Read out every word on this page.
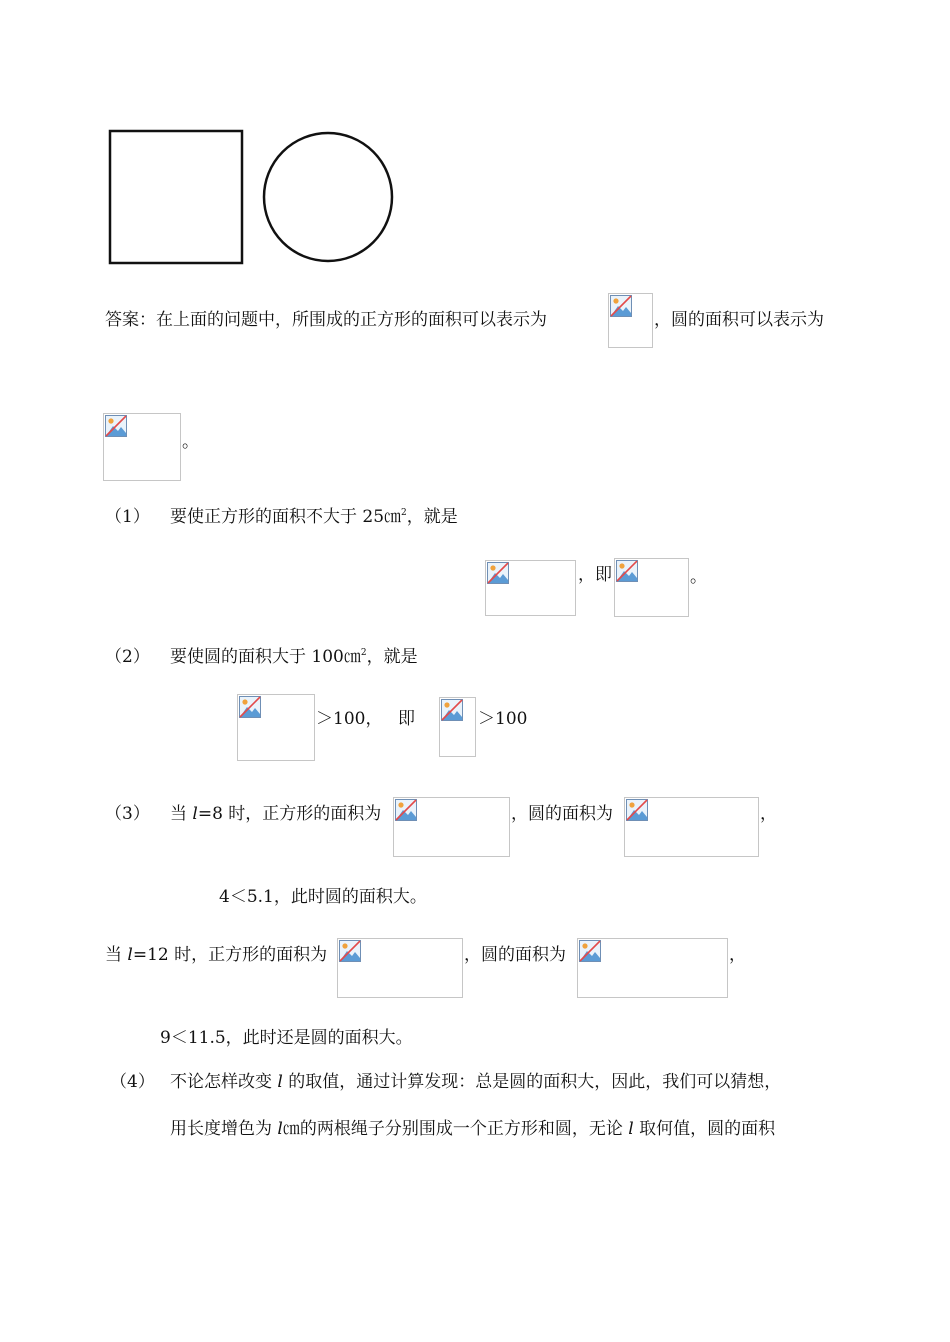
答案：在上面的问题中，所围成的正方形的面积可以表示为	，圆的面积可以表示为
。
（1） 要使正方形的面积不大于 25㎝$^2$，就是
，即	。
（2） 要使圆的面积大于 100㎝$^2$，就是
＞100， 即	＞100
（3） 当 l=8 时，正方形的面积为	，圆的面积为	，
4＜5.1，此时圆的面积大。
当 l=12 时，正方形的面积为	，圆的面积为	，
9＜11.5，此时还是圆的面积大。
（4） 不论怎样改变 l 的取值，通过计算发现：总是圆的面积大，因此，我们可以猜想，
用长度增色为 l㎝的两根绳子分别围成一个正方形和圆，无论 l 取何值，圆的面积
